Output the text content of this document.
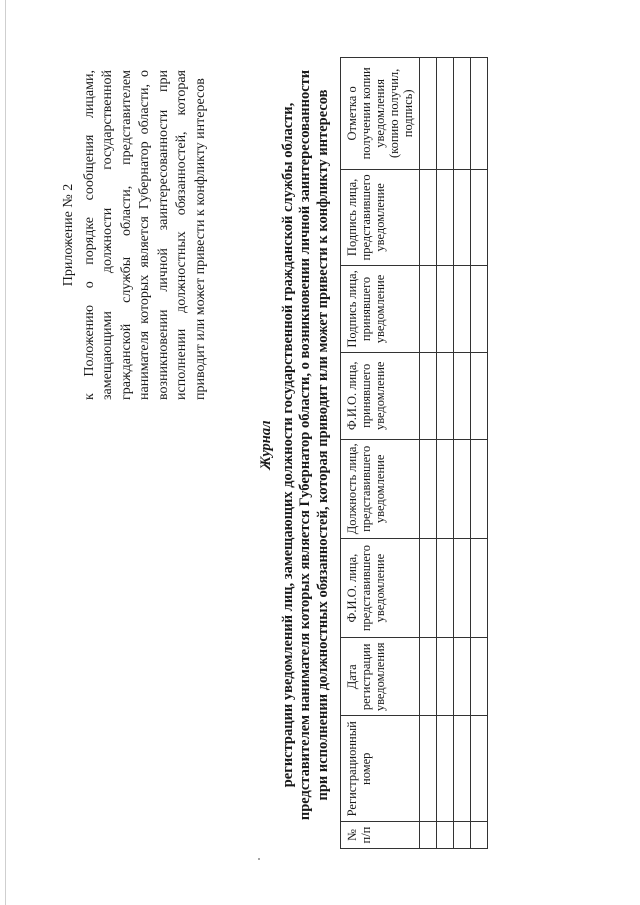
Приложение № 2 к Положению о порядке сообщения лицами, замещающими должности государственной гражданской службы области, представителем нанимателя которых является Губернатор области, о возникновении личной заинтересованности при исполнении должностных обязанностей, которая приводит или может привести к конфликту интересов
Журнал регистрации уведомлений лиц, замещающих должности государственной гражданской службы области, представителем нанимателя которых является Губернатор области, о возникновении личной заинтересованности при исполнении должностных обязанностей, которая приводит или может привести к конфликту интересов
№ п/п	Регистрационный номер	Дата регистрации уведомления	Ф.И.О. лица, представившего уведомление	Должность лица, представившего уведомление	Ф.И.О. лица, принявшего уведомление	Подпись лица, принявшего уведомление	Подпись лица, представившего уведомление	Отметка о получении копии уведомления (копию получил, подпись)
